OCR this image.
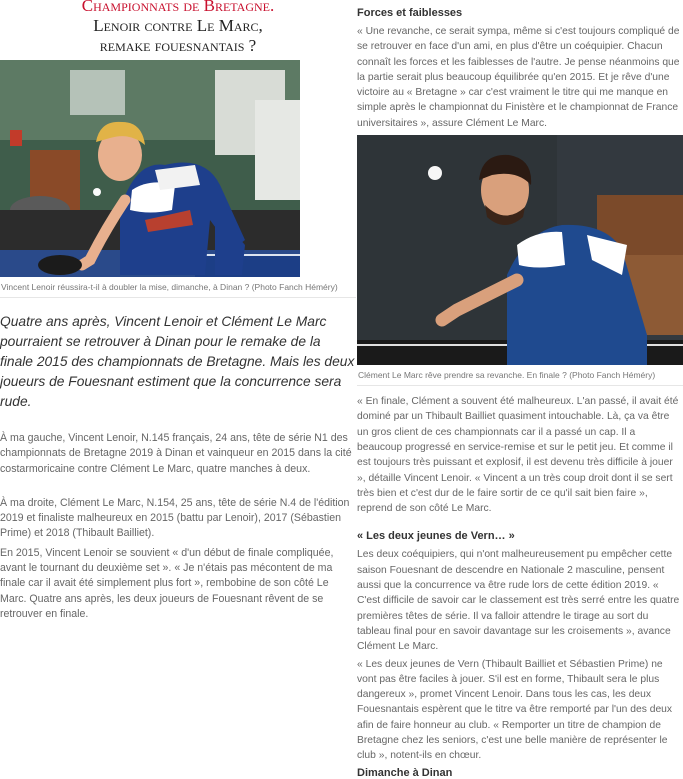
Championnats de Bretagne.
Lenoir contre Le Marc,
remake fouesnantais ?
Vincent Lenoir réussira-t-il à doubler la mise, dimanche, à Dinan ? (Photo Fanch Héméry)

Quatre ans après, Vincent Lenoir et Clément Le Marc pourraient se retrouver à Dinan pour le remake de la finale 2015 des championnats de Bretagne. Mais les deux joueurs de Fouesnant estiment que la concurrence sera rude.

À ma gauche, Vincent Lenoir, N.145 français, 24 ans, tête de série N1 des championnats de Bretagne 2019 à Dinan et vainqueur en 2015 dans la cité costarmoricaine contre Clément Le Marc, quatre manches à deux.

À ma droite, Clément Le Marc, N.154, 25 ans, tête de série N.4 de l'édition 2019 et finaliste malheureux en 2015 (battu par Lenoir), 2017 (Sébastien Prime) et 2018 (Thibault Bailliet).

En 2015, Vincent Lenoir se souvient « d'un début de finale compliquée, avant le tournant du deuxième set ». « Je n'étais pas mécontent de ma finale car il avait été simplement plus fort », rembobine de son côté Le Marc. Quatre ans après, les deux joueurs de Fouesnant rêvent de se retrouver en finale.

Forces et faiblesses

« Une revanche, ce serait sympa, même si c'est toujours compliqué de se retrouver en face d'un ami, en plus d'être un coéquipier. Chacun connaît les forces et les faiblesses de l'autre. Je pense néanmoins que la partie serait plus beaucoup équilibrée qu'en 2015. Et je rêve d'une victoire au « Bretagne » car c'est vraiment le titre qui me manque en simple après le championnat du Finistère et le championnat de France universitaires », assure Clément Le Marc.

Clément Le Marc rêve prendre sa revanche. En finale ? (Photo Fanch Héméry)

« En finale, Clément a souvent été malheureux. L'an passé, il avait été dominé par un Thibault Bailliet quasiment intouchable. Là, ça va être un gros client de ces championnats car il a passé un cap. Il a beaucoup progressé en service-remise et sur le petit jeu. Et comme il est toujours très puissant et explosif, il est devenu très difficile à jouer », détaille Vincent Lenoir. « Vincent a un très coup droit dont il se sert très bien et c'est dur de le faire sortir de ce qu'il sait bien faire », reprend de son côté Le Marc.

« Les deux jeunes de Vern… »

Les deux coéquipiers, qui n'ont malheureusement pu empêcher cette saison Fouesnant de descendre en Nationale 2 masculine, pensent aussi que la concurrence va être rude lors de cette édition 2019. « C'est difficile de savoir car le classement est très serré entre les quatre premières têtes de série. Il va falloir attendre le tirage au sort du tableau final pour en savoir davantage sur les croisements », avance Clément Le Marc.

« Les deux jeunes de Vern (Thibault Bailliet et Sébastien Prime) ne vont pas être faciles à jouer. S'il est en forme, Thibault sera le plus dangereux », promet Vincent Lenoir. Dans tous les cas, les deux Fouesnantais espèrent que le titre va être remporté par l'un des deux afin de faire honneur au club. « Remporter un titre de champion de Bretagne chez les seniors, c'est une belle manière de représenter le club », notent-ils en chœur.

Dimanche à Dinan
